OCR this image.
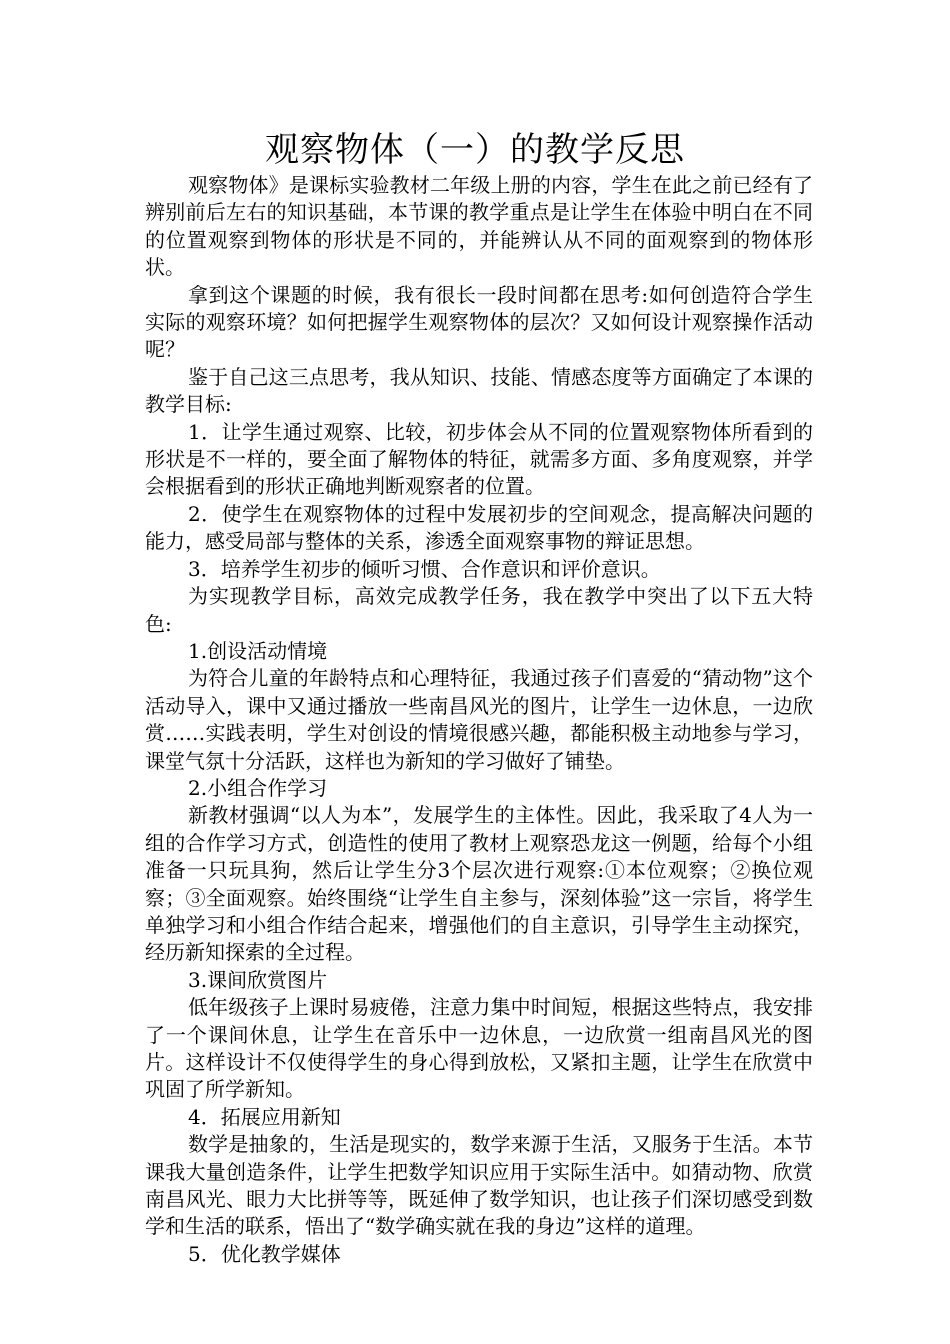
观察物体（一）的教学反思

观察物体》是课标实验教材二年级上册的内容，学生在此之前已经有了辨别前后左右的知识基础，本节课的教学重点是让学生在体验中明白在不同的位置观察到物体的形状是不同的，并能辨认从不同的面观察到的物体形状。

拿到这个课题的时候，我有很长一段时间都在思考:如何创造符合学生实际的观察环境？如何把握学生观察物体的层次？又如何设计观察操作活动呢？

鉴于自己这三点思考，我从知识、技能、情感态度等方面确定了本课的教学目标:

1．让学生通过观察、比较，初步体会从不同的位置观察物体所看到的形状是不一样的，要全面了解物体的特征，就需多方面、多角度观察，并学会根据看到的形状正确地判断观察者的位置。

2．使学生在观察物体的过程中发展初步的空间观念，提高解决问题的能力，感受局部与整体的关系，渗透全面观察事物的辩证思想。

3．培养学生初步的倾听习惯、合作意识和评价意识。

为实现教学目标，高效完成教学任务，我在教学中突出了以下五大特色:

1.创设活动情境

为符合儿童的年龄特点和心理特征，我通过孩子们喜爱的“猜动物”这个活动导入，课中又通过播放一些南昌风光的图片，让学生一边休息，一边欣赏……实践表明，学生对创设的情境很感兴趣，都能积极主动地参与学习，课堂气氛十分活跃，这样也为新知的学习做好了铺垫。

2.小组合作学习

新教材强调“以人为本”，发展学生的主体性。因此，我采取了4人为一组的合作学习方式，创造性的使用了教材上观察恐龙这一例题，给每个小组准备一只玩具狗，然后让学生分3个层次进行观察:①本位观察；②换位观察；③全面观察。始终围绕“让学生自主参与，深刻体验”这一宗旨，将学生单独学习和小组合作结合起来，增强他们的自主意识，引导学生主动探究，经历新知探索的全过程。

3.课间欣赏图片

低年级孩子上课时易疲倦，注意力集中时间短，根据这些特点，我安排了一个课间休息，让学生在音乐中一边休息，一边欣赏一组南昌风光的图片。这样设计不仅使得学生的身心得到放松，又紧扣主题，让学生在欣赏中巩固了所学新知。

4．拓展应用新知

数学是抽象的，生活是现实的，数学来源于生活，又服务于生活。本节课我大量创造条件，让学生把数学知识应用于实际生活中。如猜动物、欣赏南昌风光、眼力大比拼等等，既延伸了数学知识，也让孩子们深切感受到数学和生活的联系，悟出了“数学确实就在我的身边”这样的道理。

5．优化教学媒体
